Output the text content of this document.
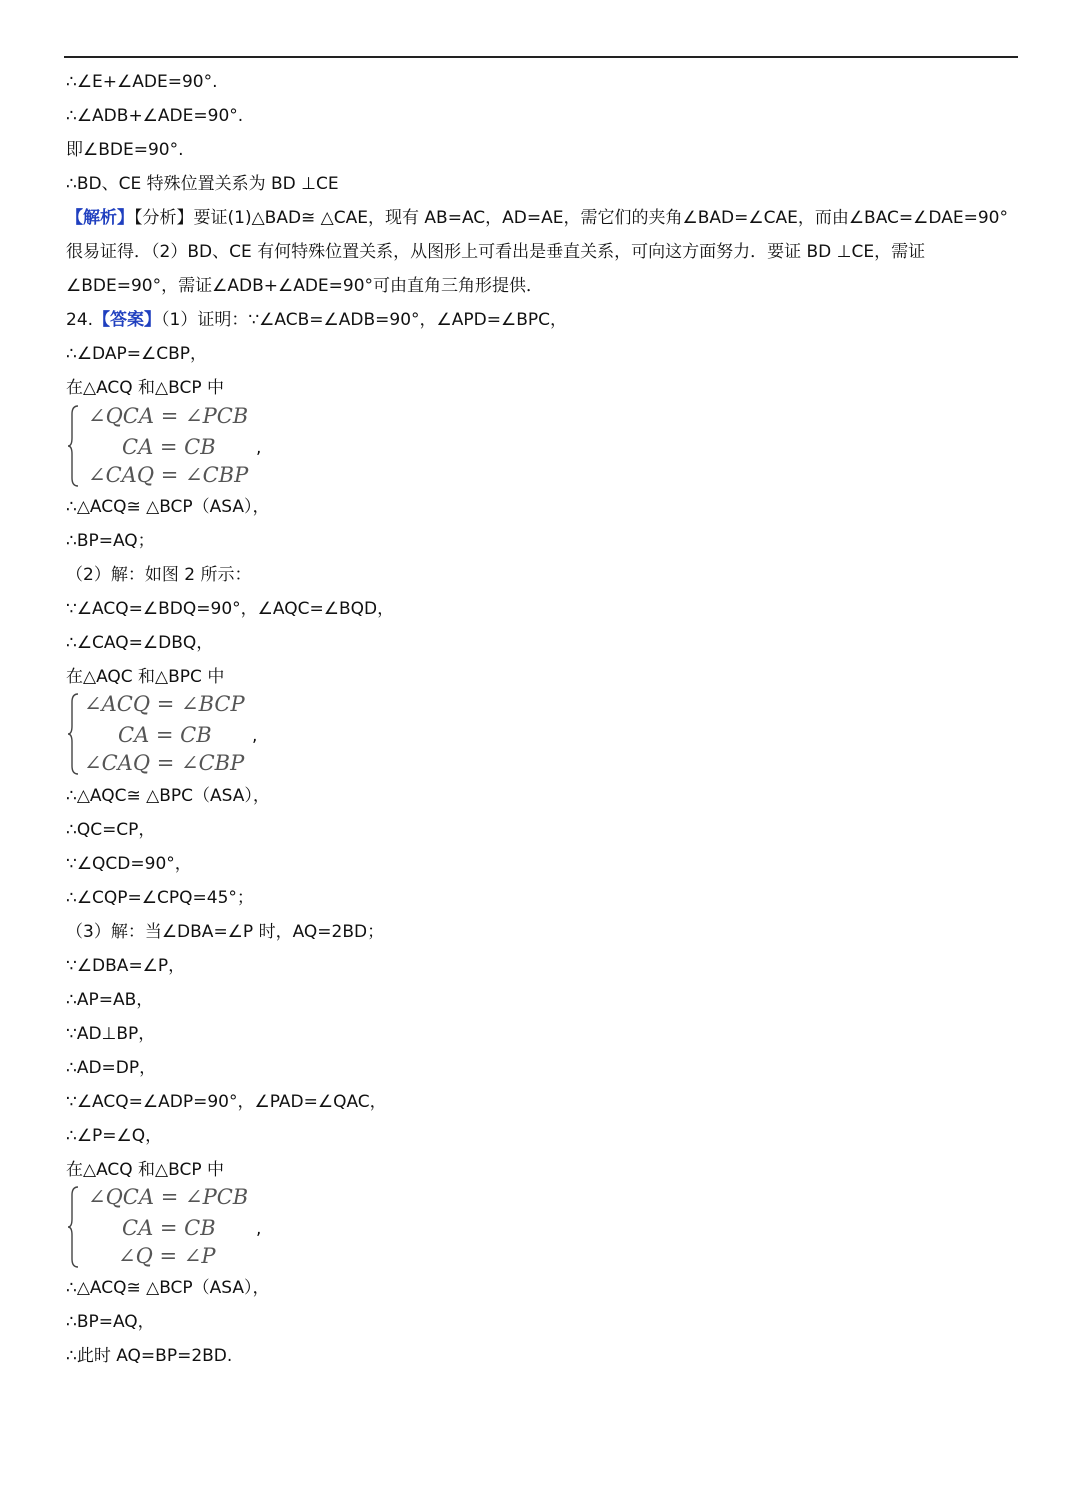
∴∠E+∠ADE=90°.
∴∠ADB+∠ADE=90°.
即∠BDE=90°.
∴BD、CE 特殊位置关系为 BD ⊥CE
【解析】【分析】要证(1)△BAD≅ △CAE，现有 AB=AC，AD=AE，需它们的夹角∠BAD=∠CAE，而由∠BAC=∠DAE=90°
很易证得．（2）BD、CE 有何特殊位置关系，从图形上可看出是垂直关系，可向这方面努力．要证 BD ⊥CE，需证
∠BDE=90°，需证∠ADB+∠ADE=90°可由直角三角形提供．
24.【答案】（1）证明：∵∠ACB=∠ADB=90°，∠APD=∠BPC，
∴∠DAP=∠CBP，
在△ACQ 和△BCP 中
∠QCA = ∠PCB
CA = CB
∠CAQ = ∠CBP
,
∴△ACQ≅ △BCP（ASA），
∴BP=AQ；
（2）解：如图 2 所示：
∵∠ACQ=∠BDQ=90°，∠AQC=∠BQD，
∴∠CAQ=∠DBQ，
在△AQC 和△BPC 中
∠ACQ = ∠BCP
CA = CB
∠CAQ = ∠CBP
,
∴△AQC≅ △BPC（ASA），
∴QC=CP，
∵∠QCD=90°，
∴∠CQP=∠CPQ=45°；
（3）解：当∠DBA=∠P 时，AQ=2BD；
∵∠DBA=∠P，
∴AP=AB，
∵AD⊥BP，
∴AD=DP，
∵∠ACQ=∠ADP=90°，∠PAD=∠QAC，
∴∠P=∠Q，
在△ACQ 和△BCP 中
∠QCA = ∠PCB
CA = CB
∠Q = ∠P
,
∴△ACQ≅ △BCP（ASA），
∴BP=AQ，
∴此时 AQ=BP=2BD.
